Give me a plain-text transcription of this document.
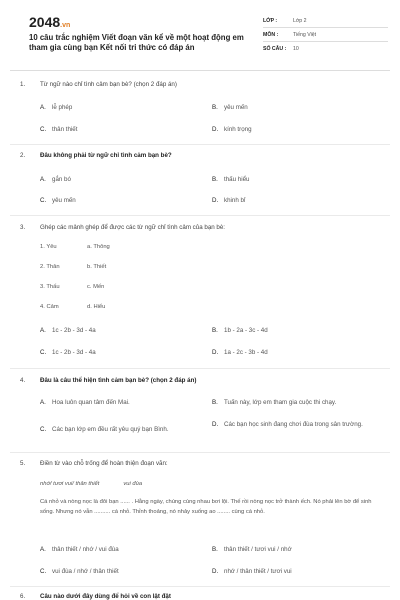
2048.vn
10 câu trắc nghiệm Viết đoạn văn kể về một hoạt động em tham gia cùng bạn Kết nối tri thức có đáp án
LỚP :	Lớp 2
MÔN :	Tiếng Việt
SỐ CÂU :	10
1.	Từ ngữ nào chỉ tình cảm bạn bè? (chọn 2 đáp án)
A. lễ phép	B. yêu mến
C. thân thiết	D. kính trọng
2.	Đâu không phải từ ngữ chỉ tình cảm bạn bè?
A. gắn bó	B. thấu hiểu
C. yêu mến	D. khinh bỉ
3.	Ghép các mảnh ghép để được các từ ngữ chỉ tình cảm của bạn bè:
1. Yêu	a. Thông
2. Thân	b. Thiết
3. Thấu	c. Mến
4. Cảm	d. Hiểu
A. 1c - 2b - 3d - 4a	B. 1b - 2a - 3c - 4d
C. 1c - 2b - 3d - 4a	D. 1a - 2c - 3b - 4d
4.	Đâu là câu thể hiện tình cảm bạn bè? (chọn 2 đáp án)
A. Hoa luôn quan tâm đến Mai.	B. Tuấn này, lớp em tham gia cuộc thi chạy.
C. Các bạn lớp em đều rất yêu quý bạn Bình.
D. Các bạn học sinh đang chơi đùa trong sân trường.
5.	Điền từ vào chỗ trống để hoàn thiện đoạn văn:
nhớ/ tươi vui/ thân thiết	vui đùa
Cá nhỏ và nòng nọc là đôi bạn ...... . Hằng ngày, chúng cùng nhau bơi lội. Thế rồi nòng nọc trở thành ếch. Nó phải lên bờ để sinh sống. Nhưng nó vẫn .......... cá nhỏ. Thỉnh thoảng, nó nhảy xuống ao ........ cùng cá nhỏ.
A. thân thiết / nhớ / vui đùa	B. thân thiết / tươi vui / nhớ
C. vui đùa / nhớ / thân thiết	D. nhớ / thân thiết / tươi vui
6.	Câu nào dưới đây dùng để hỏi về con lật đật
